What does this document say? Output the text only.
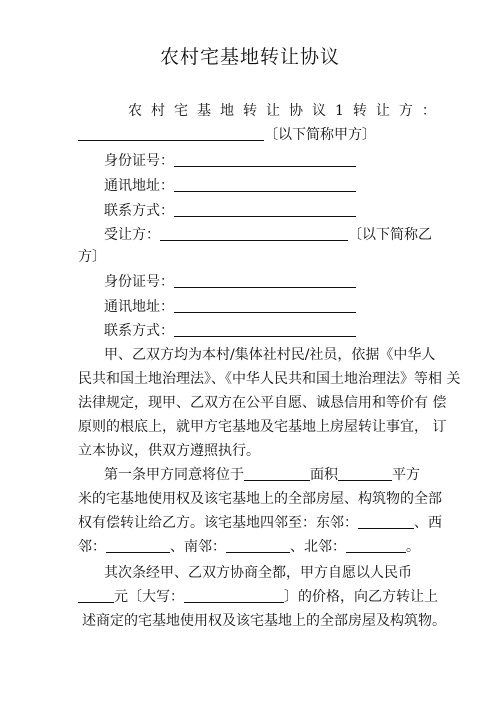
农村宅基地转让协议
农村宅基地转让协议1转让方：
〔以下简称甲方〕
身份证号：
通讯地址：
联系方式：
受让方：	〔以下简称乙
方〕
身份证号：
通讯地址：
联系方式：
甲、乙双方均为本村/集体社村民/社员，依据《中华人
民共和国土地治理法》、《中华人民共和国土地治理法》等相 关
法律规定，现甲、乙双方在公平自愿、诚恳信用和等价有 偿
原则的根底上，就甲方宅基地及宅基地上房屋转让事宜， 订
立本协议，供双方遵照执行。
第一条甲方同意将位于	面积	平方
米的宅基地使用权及该宅基地上的全部房屋、构筑物的全部
权有偿转让给乙方。该宅基地四邻至：东邻：	、西
邻：	、南邻：	、北邻：	。
其次条经甲、乙双方协商全都，甲方自愿以人民币
元〔大写：	〕的价格，向乙方转让上
述商定的宅基地使用权及该宅基地上的全部房屋及构筑物。
